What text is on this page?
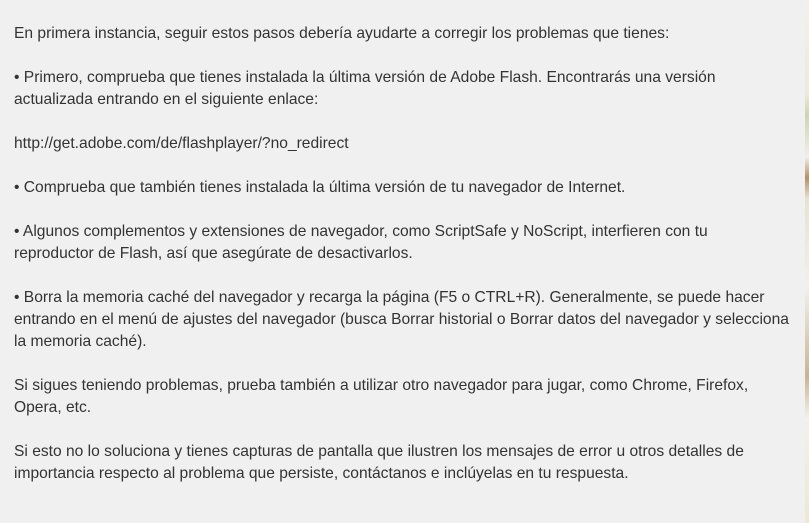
En primera instancia, seguir estos pasos debería ayudarte a corregir los problemas que tienes:

• Primero, comprueba que tienes instalada la última versión de Adobe Flash. Encontrarás una versión actualizada entrando en el siguiente enlace:

http://get.adobe.com/de/flashplayer/?no_redirect

• Comprueba que también tienes instalada la última versión de tu navegador de Internet.

• Algunos complementos y extensiones de navegador, como ScriptSafe y NoScript, interfieren con tu reproductor de Flash, así que asegúrate de desactivarlos.

• Borra la memoria caché del navegador y recarga la página (F5 o CTRL+R). Generalmente, se puede hacer entrando en el menú de ajustes del navegador (busca Borrar historial o Borrar datos del navegador y selecciona la memoria caché).

Si sigues teniendo problemas, prueba también a utilizar otro navegador para jugar, como Chrome, Firefox, Opera, etc.

Si esto no lo soluciona y tienes capturas de pantalla que ilustren los mensajes de error u otros detalles de importancia respecto al problema que persiste, contáctanos e inclúyelas en tu respuesta.
